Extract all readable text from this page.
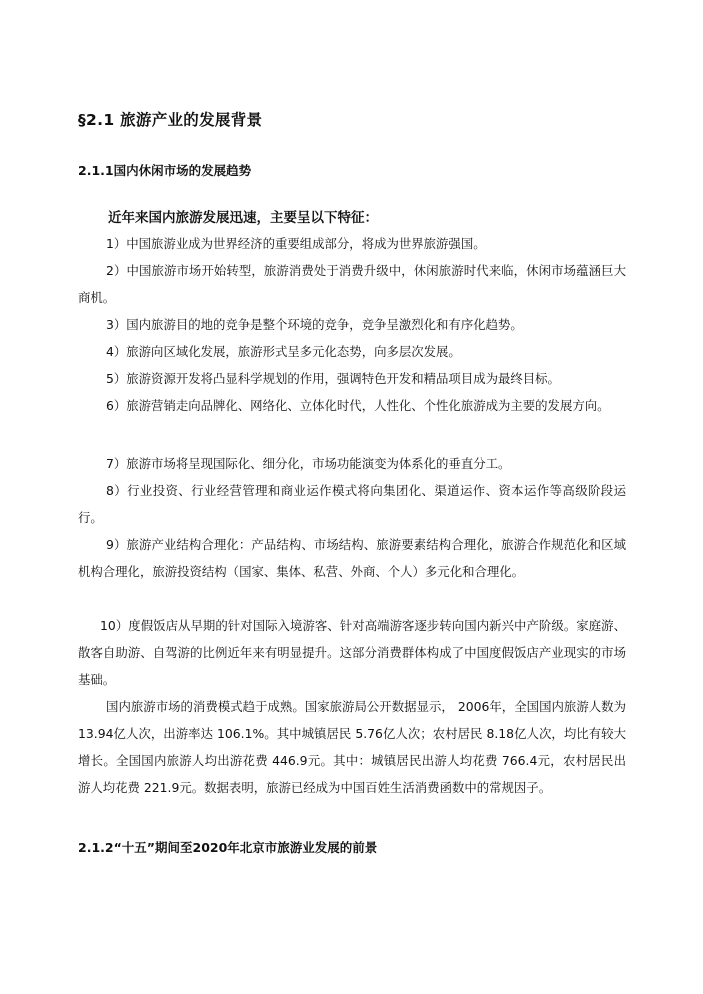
§2.1 旅游产业的发展背景
2.1.1国内休闲市场的发展趋势
近年来国内旅游发展迅速，主要呈以下特征：

1）中国旅游业成为世界经济的重要组成部分，将成为世界旅游强国。

2）中国旅游市场开始转型，旅游消费处于消费升级中，休闲旅游时代来临，休闲市场蕴涵巨大商机。

3）国内旅游目的地的竞争是整个环境的竞争，竞争呈激烈化和有序化趋势。

4）旅游向区域化发展，旅游形式呈多元化态势，向多层次发展。

5）旅游资源开发将凸显科学规划的作用，强调特色开发和精品项目成为最终目标。

6）旅游营销走向品牌化、网络化、立体化时代，人性化、个性化旅游成为主要的发展方向。

7）旅游市场将呈现国际化、细分化，市场功能演变为体系化的垂直分工。

8）行业投资、行业经营管理和商业运作模式将向集团化、渠道运作、资本运作等高级阶段运行。

9）旅游产业结构合理化：产品结构、市场结构、旅游要素结构合理化，旅游合作规范化和区域机构合理化，旅游投资结构（国家、集体、私营、外商、个人）多元化和合理化。

10）度假饭店从早期的针对国际入境游客、针对高端游客逐步转向国内新兴中产阶级。家庭游、散客自助游、自驾游的比例近年来有明显提升。这部分消费群体构成了中国度假饭店产业现实的市场基础。

国内旅游市场的消费模式趋于成熟。国家旅游局公开数据显示， 2006年，全国国内旅游人数为13.94亿人次，出游率达 106.1%。其中城镇居民 5.76亿人次；农村居民 8.18亿人次，均比有较大增长。全国国内旅游人均出游花费 446.9元。其中：城镇居民出游人均花费 766.4元，农村居民出游人均花费 221.9元。数据表明，旅游已经成为中国百姓生活消费函数中的常规因子。

2.1.2“十五”期间至2020年北京市旅游业发展的前景
